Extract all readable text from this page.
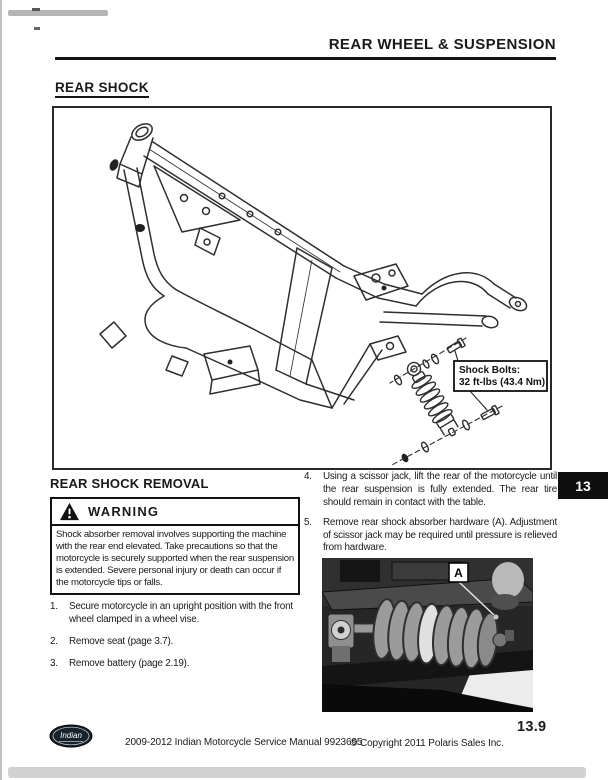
REAR WHEEL & SUSPENSION
REAR SHOCK
Shock Bolts:
32 ft-lbs (43.4 Nm)
13
REAR SHOCK REMOVAL
WARNING
Shock absorber removal involves supporting the machine with the rear end elevated. Take precautions so that the motorcycle is securely supported when the rear suspension is extended. Severe personal injury or death can occur if the motorcycle tips or falls.
1.	Secure motorcycle in an upright position with the front wheel clamped in a wheel vise.
2.	Remove seat (page 3.7).
3.	Remove battery (page 2.19).
4.	Using a scissor jack, lift the rear of the motorcycle until the rear suspension is fully extended. The rear tire should remain in contact with the table.
5.	Remove rear shock absorber hardware (A). Adjustment of scissor jack may be required until pressure is relieved from hardware.
A
Indian
2009-2012 Indian Motorcycle Service Manual 9923695
© Copyright 2011 Polaris Sales Inc.
13.9
